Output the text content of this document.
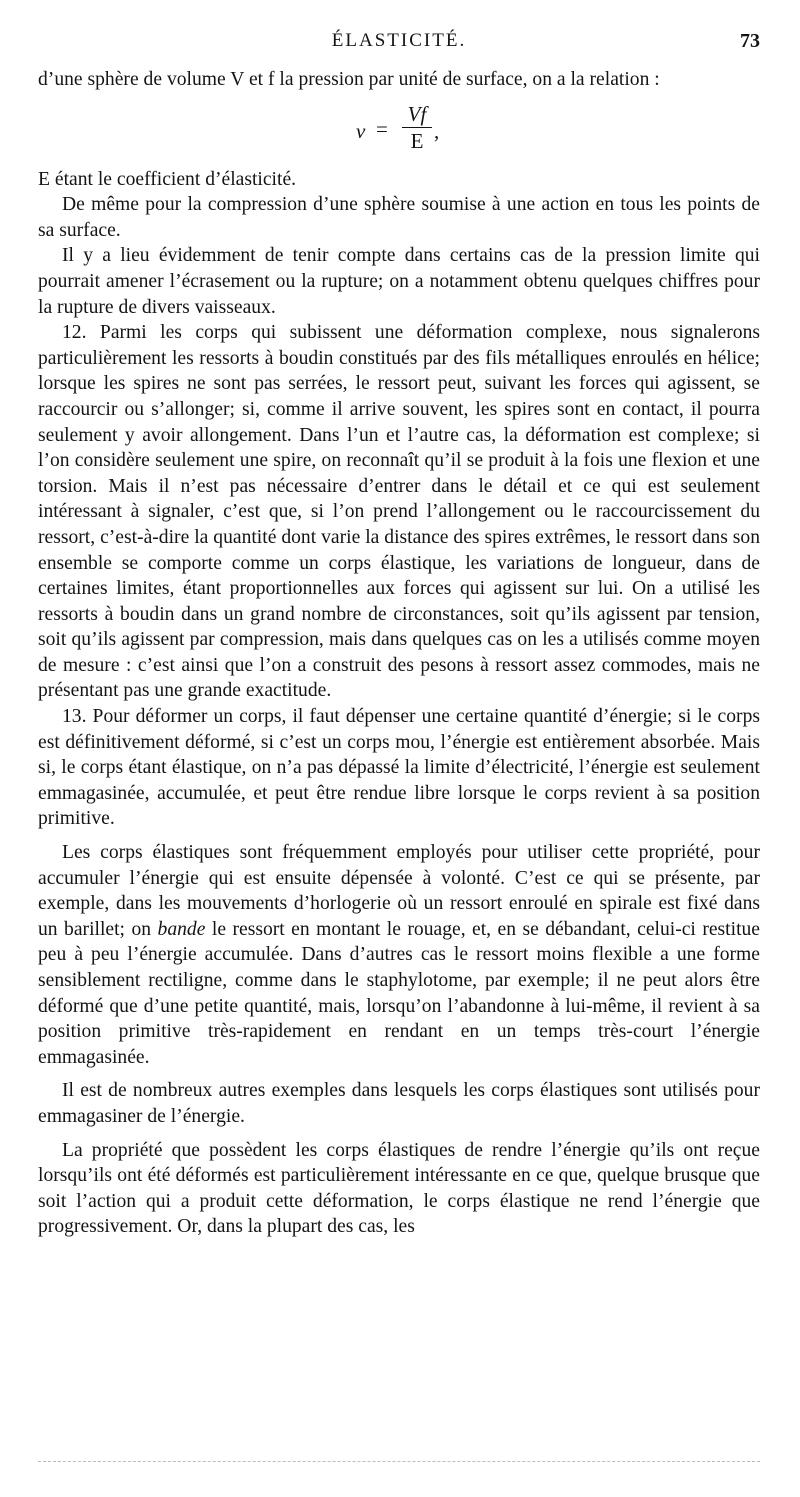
ÉLASTICITÉ.	73

d’une sphère de volume V et f la pression par unité de surface, on a la relation :

v =
Vf
E ,

E étant le coefficient d’élasticité.

De même pour la compression d’une sphère soumise à une action en tous les points de sa surface.

Il y a lieu évidemment de tenir compte dans certains cas de la pression limite qui pourrait amener l’écrasement ou la rupture; on a notamment obtenu quelques chiffres pour la rupture de divers vaisseaux.

12. Parmi les corps qui subissent une déformation complexe, nous signalerons particulièrement les ressorts à boudin constitués par des fils métalliques enroulés en hélice; lorsque les spires ne sont pas serrées, le ressort peut, suivant les forces qui agissent, se raccourcir ou s’allonger; si, comme il arrive souvent, les spires sont en contact, il pourra seulement y avoir allongement. Dans l’un et l’autre cas, la déformation est complexe; si l’on considère seulement une spire, on reconnaît qu’il se produit à la fois une flexion et une torsion. Mais il n’est pas nécessaire d’entrer dans le détail et ce qui est seulement intéressant à signaler, c’est que, si l’on prend l’allongement ou le raccourcissement du ressort, c’est-à-dire la quantité dont varie la distance des spires extrêmes, le ressort dans son ensemble se comporte comme un corps élastique, les variations de longueur, dans de certaines limites, étant proportionnelles aux forces qui agissent sur lui. On a utilisé les ressorts à boudin dans un grand nombre de circonstances, soit qu’ils agissent par tension, soit qu’ils agissent par compression, mais dans quelques cas on les a utilisés comme moyen de mesure : c’est ainsi que l’on a construit des pesons à ressort assez commodes, mais ne présentant pas une grande exactitude.

13. Pour déformer un corps, il faut dépenser une certaine quantité d’énergie; si le corps est définitivement déformé, si c’est un corps mou, l’énergie est entièrement absorbée. Mais si, le corps étant élastique, on n’a pas dépassé la limite d’électricité, l’énergie est seulement emmagasinée, accumulée, et peut être rendue libre lorsque le corps revient à sa position primitive.

Les corps élastiques sont fréquemment employés pour utiliser cette propriété, pour accumuler l’énergie qui est ensuite dépensée à volonté. C’est ce qui se présente, par exemple, dans les mouvements d’horlogerie où un ressort enroulé en spirale est fixé dans un barillet; on bande le ressort en montant le rouage, et, en se débandant, celui-ci restitue peu à peu l’énergie accumulée. Dans d’autres cas le ressort moins flexible a une forme sensiblement rectiligne, comme dans le staphylotome, par exemple; il ne peut alors être déformé que d’une petite quantité, mais, lorsqu’on l’abandonne à lui-même, il revient à sa position primitive très-rapidement en rendant en un temps très-court l’énergie emmagasinée.

Il est de nombreux autres exemples dans lesquels les corps élastiques sont utilisés pour emmagasiner de l’énergie.

La propriété que possèdent les corps élastiques de rendre l’énergie qu’ils ont reçue lorsqu’ils ont été déformés est particulièrement intéressante en ce que, quelque brusque que soit l’action qui a produit cette déformation, le corps élastique ne rend l’énergie que progressivement. Or, dans la plupart des cas, les
